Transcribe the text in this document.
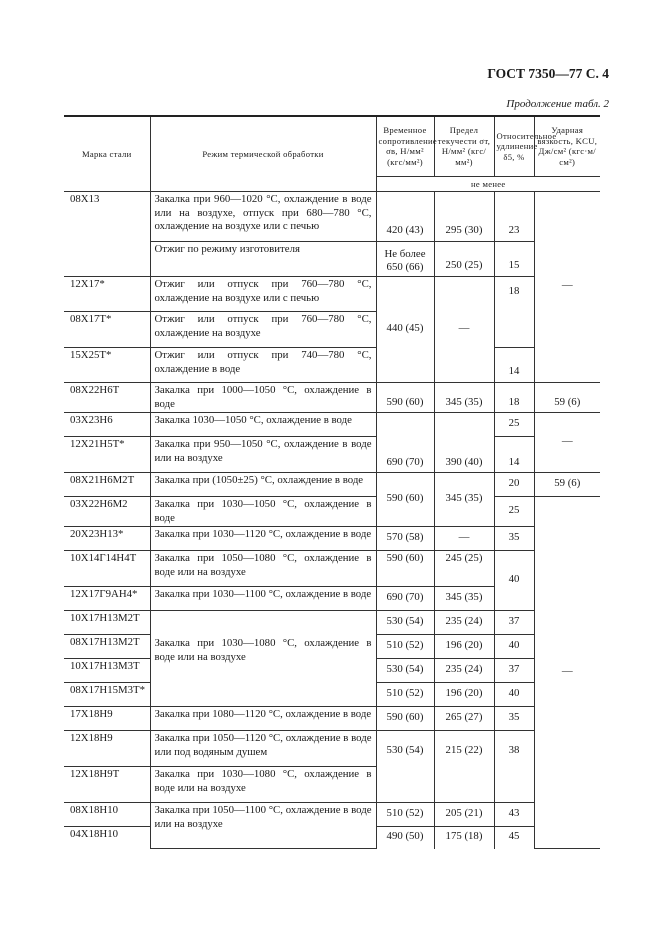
ГОСТ 7350—77 С. 4
Продолжение табл. 2
Марка стали	Режим термической обработки	Временное сопротивление σв, Н/мм² (кгс/мм²)	Предел текучести σт, Н/мм² (кгс/мм²)	Относительное удлинение δ5, %	Ударная вязкость, KCU, Дж/см² (кгс·м/см²)
		не менее			
08Х13	Закалка при 960—1020 °С, охлаждение в воде или на воздухе, отпуск при 680—780 °С, охлаждение на воздухе или с печью	420 (43)	295 (30)	23	—
	Отжиг по режиму изготовителя	Не более 650 (66)	250 (25)	15	
12Х17*	Отжиг или отпуск при 760—780 °С, охлаждение на воздухе или с печью	440 (45)	—	18	
08Х17Т*	Отжиг или отпуск при 760—780 °С, охлаждение на воздухе				
15Х25Т*	Отжиг или отпуск при 740—780 °С, охлаждение в воде			14	
08Х22Н6Т	Закалка при 1000—1050 °С, охлаждение в воде	590 (60)	345 (35)	18	59 (6)
03Х23Н6	Закалка 1030—1050 °С, охлаждение в воде	690 (70)	390 (40)	25	—
12Х21Н5Т*	Закалка при 950—1050 °С, охлаждение в воде или на воздухе			14	
08Х21Н6М2Т	Закалка при (1050±25) °С, охлаждение в воде	590 (60)	345 (35)	20	59 (6)
03Х22Н6М2	Закалка при 1030—1050 °С, охлаждение в воде			25	—
20Х23Н13*	Закалка при 1030—1120 °С, охлаждение в воде	570 (58)	—	35	
10Х14Г14Н4Т	Закалка при 1050—1080 °С, охлаждение в воде или на воздухе	590 (60)	245 (25)	40	
12Х17Г9АН4*	Закалка при 1030—1100 °С, охлаждение в воде	690 (70)	345 (35)		
10Х17Н13М2Т	Закалка при 1030—1080 °С, охлаждение в воде или на воздухе	530 (54)	235 (24)	37	
08Х17Н13М2Т		510 (52)	196 (20)	40	
10Х17Н13М3Т		530 (54)	235 (24)	37	
08Х17Н15М3Т*		510 (52)	196 (20)	40	
17Х18Н9	Закалка при 1080—1120 °С, охлаждение в воде	590 (60)	265 (27)	35	
12Х18Н9	Закалка при 1050—1120 °С, охлаждение в воде или под водяным душем	530 (54)	215 (22)	38	
12Х18Н9Т	Закалка при 1030—1080 °С, охлаждение в воде или на воздухе				
08Х18Н10	Закалка при 1050—1100 °С, охлаждение в воде или на воздухе	510 (52)	205 (21)	43	
04Х18Н10		490 (50)	175 (18)	45	
